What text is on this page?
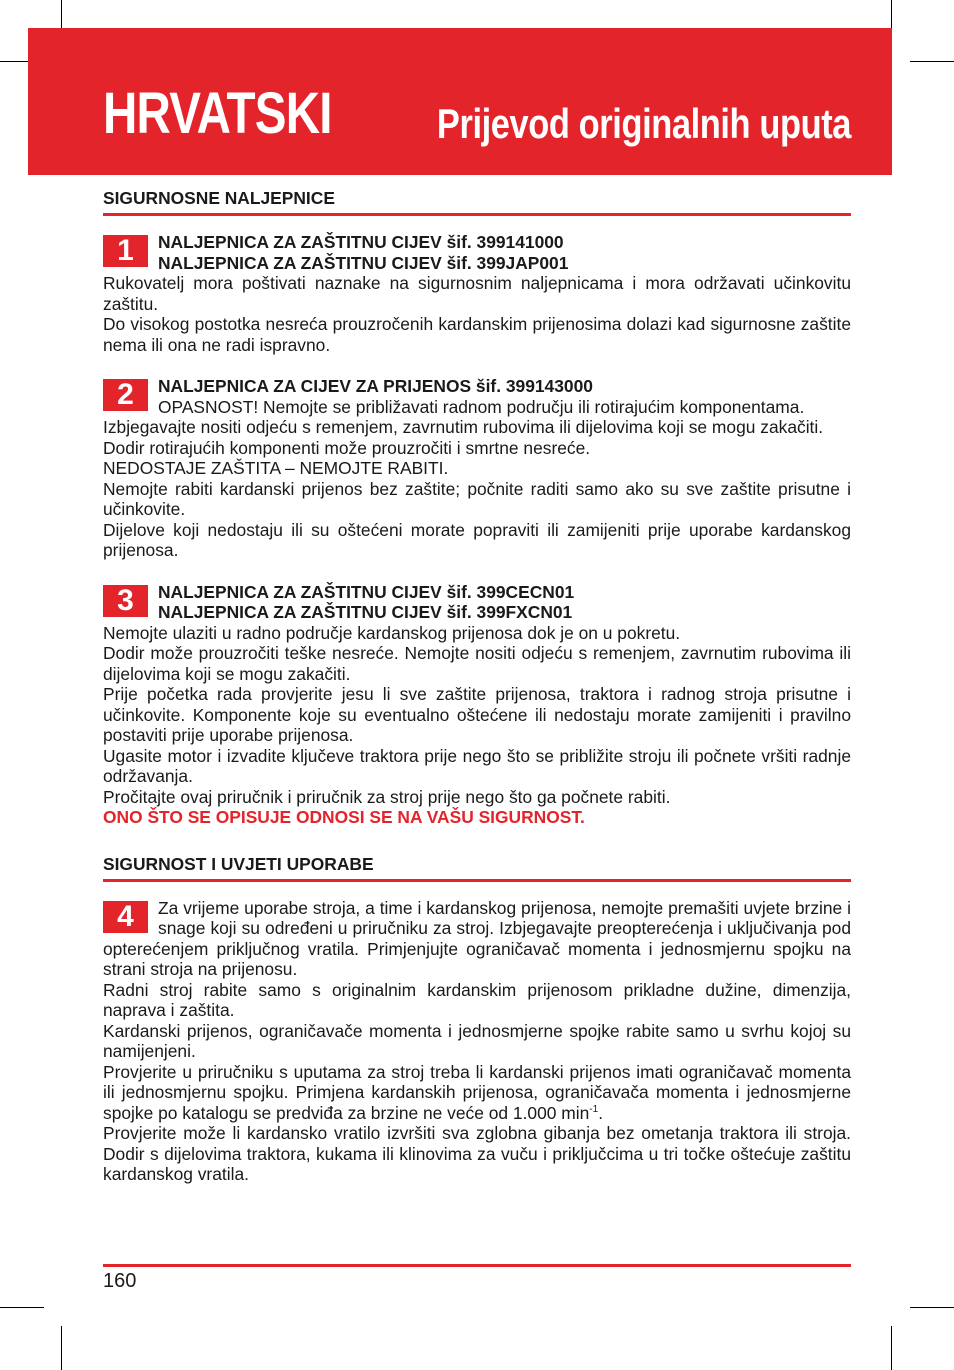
HRVATSKI	Prijevod originalnih uputa
SIGURNOSNE NALJEPNICE
1	NALJEPNICA ZA ZAŠTITNU CIJEV šif. 399141000
NALJEPNICA ZA ZAŠTITNU CIJEV šif. 399JAP001
Rukovatelj mora poštivati naznake na sigurnosnim naljepnicama i mora održavati učinkovitu zaštitu.
Do visokog postotka nesreća prouzročenih kardanskim prijenosima dolazi kad sigurnosne zaštite nema ili ona ne radi ispravno.
2	NALJEPNICA ZA CIJEV ZA PRIJENOS šif. 399143000
OPASNOST! Nemojte se približavati radnom području ili rotirajućim komponentama.
Izbjegavajte nositi odjeću s remenjem, zavrnutim rubovima ili dijelovima koji se mogu zakačiti.
Dodir rotirajućih komponenti može prouzročiti i smrtne nesreće.
NEDOSTAJE ZAŠTITA – NEMOJTE RABITI.
Nemojte rabiti kardanski prijenos bez zaštite; počnite raditi samo ako su sve zaštite prisutne i učinkovite.
Dijelove koji nedostaju ili su oštećeni morate popraviti ili zamijeniti prije uporabe kardanskog prijenosa.
3	NALJEPNICA ZA ZAŠTITNU CIJEV šif. 399CECN01
NALJEPNICA ZA ZAŠTITNU CIJEV šif. 399FXCN01
Nemojte ulaziti u radno područje kardanskog prijenosa dok je on u pokretu.
Dodir može prouzročiti teške nesreće. Nemojte nositi odjeću s remenjem, zavrnutim rubovima ili dijelovima koji se mogu zakačiti.
Prije početka rada provjerite jesu li sve zaštite prijenosa, traktora i radnog stroja prisutne i učinkovite. Komponente koje su eventualno oštećene ili nedostaju morate zamijeniti i pravilno postaviti prije uporabe prijenosa.
Ugasite motor i izvadite ključeve traktora prije nego što se približite stroju ili počnete vršiti radnje održavanja.
Pročitajte ovaj priručnik i priručnik za stroj prije nego što ga počnete rabiti.
ONO ŠTO SE OPISUJE ODNOSI SE NA VAŠU SIGURNOST.
SIGURNOST I UVJETI UPORABE
4	Za vrijeme uporabe stroja, a time i kardanskog prijenosa, nemojte premašiti uvjete brzine i snage koji su određeni u priručniku za stroj. Izbjegavajte preopterećenja i uključivanja pod opterećenjem priključnog vratila. Primjenjujte ograničavač momenta i jednosmjernu spojku na strani stroja na prijenosu.
Radni stroj rabite samo s originalnim kardanskim prijenosom prikladne dužine, dimenzija, naprava i zaštita.
Kardanski prijenos, ograničavače momenta i jednosmjerne spojke rabite samo u svrhu kojoj su namijenjeni.
Provjerite u priručniku s uputama za stroj treba li kardanski prijenos imati ograničavač momenta ili jednosmjernu spojku. Primjena kardanskih prijenosa, ograničavača momenta i jednosmjerne spojke po katalogu se predviđa za brzine ne veće od 1.000 $\min^{-1}$.
Provjerite može li kardansko vratilo izvršiti sva zglobna gibanja bez ometanja traktora ili stroja. Dodir s dijelovima traktora, kukama ili klinovima za vuču i priključcima u tri točke oštećuje zaštitu kardanskog vratila.
160
